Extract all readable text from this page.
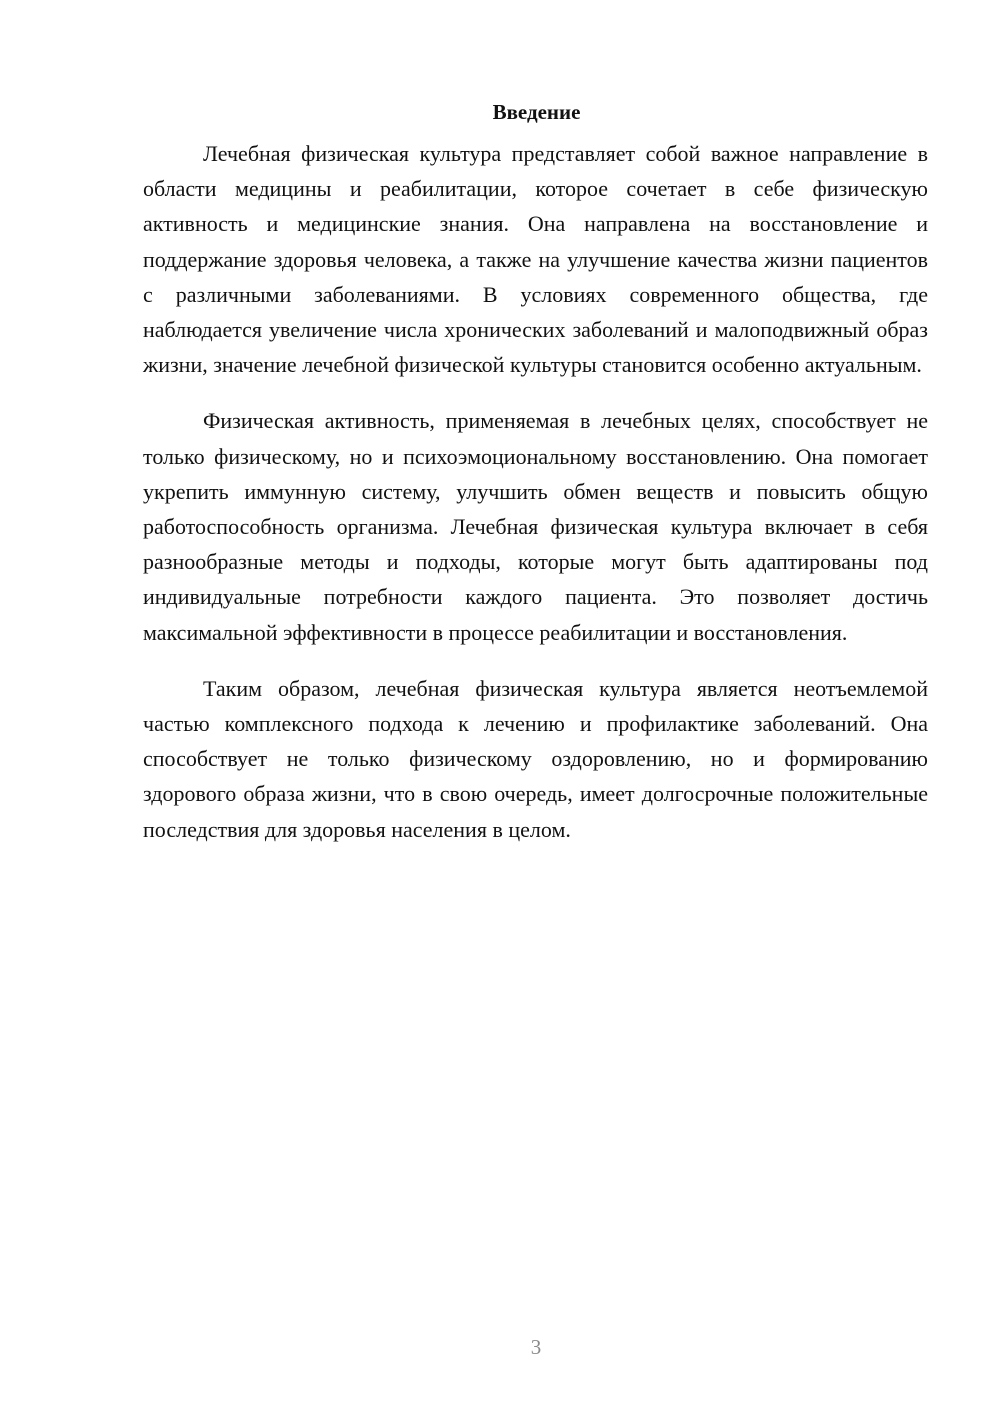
Введение

Лечебная физическая культура представляет собой важное направление в области медицины и реабилитации, которое сочетает в себе физическую активность и медицинские знания. Она направлена на восстановление и поддержание здоровья человека, а также на улучшение качества жизни пациентов с различными заболеваниями. В условиях современного общества, где наблюдается увеличение числа хронических заболеваний и малоподвижный образ жизни, значение лечебной физической культуры становится особенно актуальным.

Физическая активность, применяемая в лечебных целях, способствует не только физическому, но и психоэмоциональному восстановлению. Она помогает укрепить иммунную систему, улучшить обмен веществ и повысить общую работоспособность организма. Лечебная физическая культура включает в себя разнообразные методы и подходы, которые могут быть адаптированы под индивидуальные потребности каждого пациента. Это позволяет достичь максимальной эффективности в процессе реабилитации и восстановления.

Таким образом, лечебная физическая культура является неотъемлемой частью комплексного подхода к лечению и профилактике заболеваний. Она способствует не только физическому оздоровлению, но и формированию здорового образа жизни, что в свою очередь, имеет долгосрочные положительные последствия для здоровья населения в целом.

3
